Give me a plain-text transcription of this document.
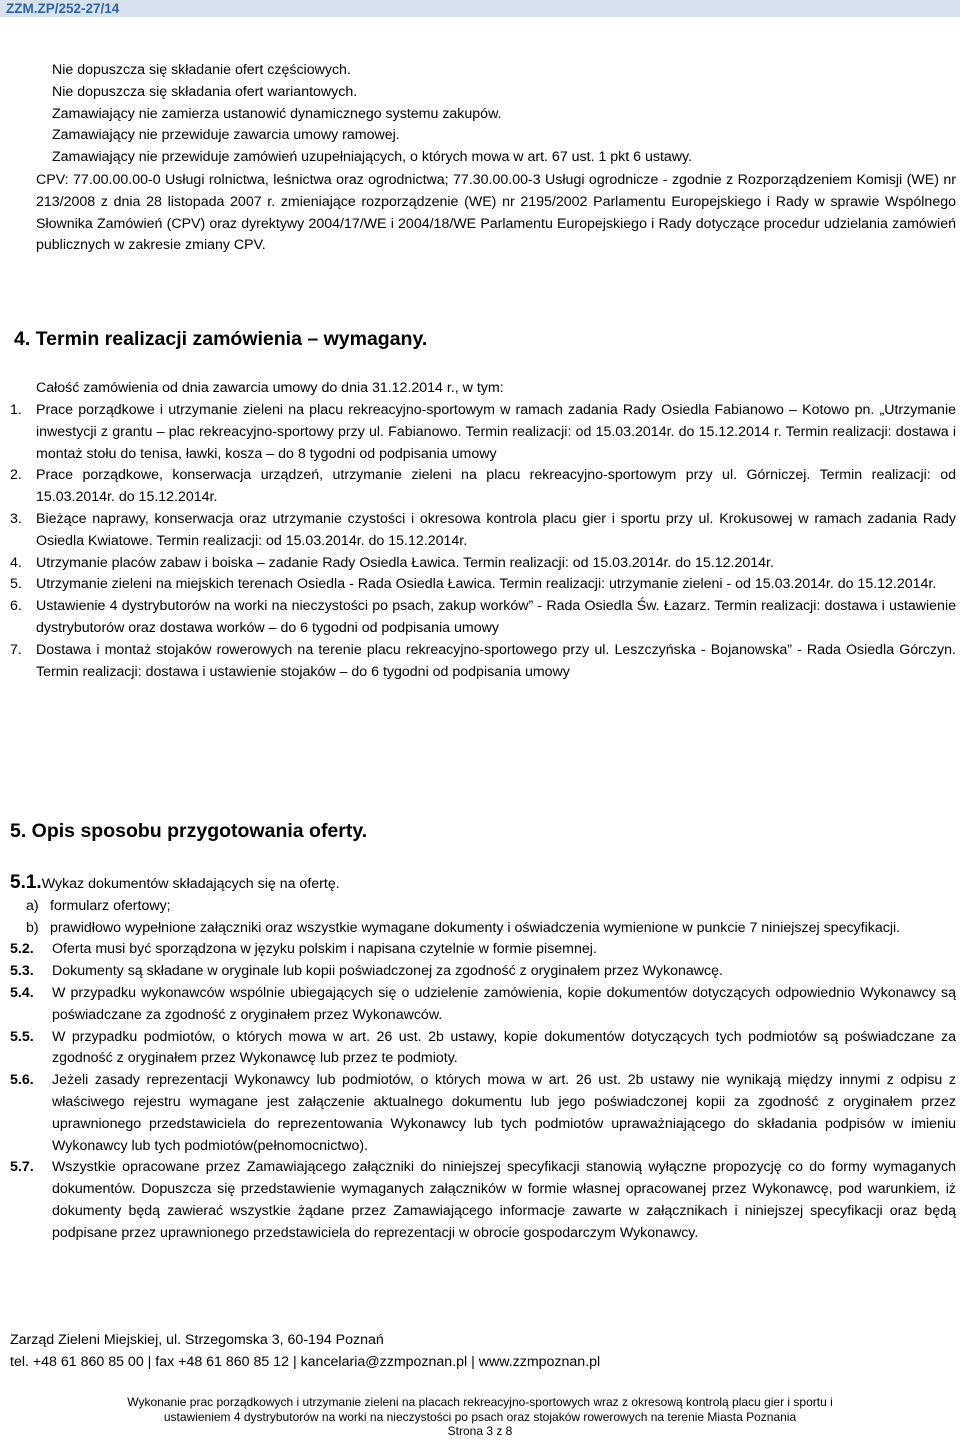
ZZM.ZP/252-27/14

Nie dopuszcza się składanie ofert częściowych.

Nie dopuszcza się składania ofert wariantowych.

Zamawiający nie zamierza ustanowić dynamicznego systemu zakupów.

Zamawiający nie przewiduje zawarcia umowy ramowej.

Zamawiający nie przewiduje zamówień uzupełniających, o których mowa w art. 67 ust. 1 pkt 6 ustawy.

CPV: 77.00.00.00-0 Usługi rolnictwa, leśnictwa oraz ogrodnictwa; 77.30.00.00-3 Usługi ogrodnicze - zgodnie z Rozporządzeniem Komisji (WE) nr 213/2008 z dnia 28 listopada 2007 r. zmieniające rozporządzenie (WE) nr 2195/2002 Parlamentu Europejskiego i Rady w sprawie Wspólnego Słownika Zamówień (CPV) oraz dyrektywy 2004/17/WE i 2004/18/WE Parlamentu Europejskiego i Rady dotyczące procedur udzielania zamówień publicznych w zakresie zmiany CPV.

4. Termin realizacji zamówienia – wymagany.

Całość zamówienia od dnia zawarcia umowy do dnia 31.12.2014 r., w tym:

1. Prace porządkowe i utrzymanie zieleni na placu rekreacyjno-sportowym w ramach zadania Rady Osiedla Fabianowo – Kotowo pn. „Utrzymanie inwestycji z grantu – plac rekreacyjno-sportowy przy ul. Fabianowo. Termin realizacji: od 15.03.2014r. do 15.12.2014 r. Termin realizacji: dostawa i montaż stołu do tenisa, ławki, kosza – do 8 tygodni od podpisania umowy

2. Prace porządkowe, konserwacja urządzeń, utrzymanie zieleni na placu rekreacyjno-sportowym przy ul. Górniczej. Termin realizacji: od 15.03.2014r. do 15.12.2014r.

3. Bieżące naprawy, konserwacja oraz utrzymanie czystości i okresowa kontrola placu gier i sportu przy ul. Krokusowej w ramach zadania Rady Osiedla Kwiatowe. Termin realizacji: od 15.03.2014r. do 15.12.2014r.

4. Utrzymanie placów zabaw i boiska – zadanie Rady Osiedla Ławica. Termin realizacji: od 15.03.2014r. do 15.12.2014r.

5. Utrzymanie zieleni na miejskich terenach Osiedla - Rada Osiedla Ławica. Termin realizacji: utrzymanie zieleni - od 15.03.2014r. do 15.12.2014r.

6. Ustawienie 4 dystrybutorów na worki na nieczystości po psach, zakup worków” - Rada Osiedla Św. Łazarz. Termin realizacji: dostawa i ustawienie dystrybutorów oraz dostawa worków – do 6 tygodni od podpisania umowy

7. Dostawa i montaż stojaków rowerowych na terenie placu rekreacyjno-sportowego przy ul. Leszczyńska - Bojanowska” - Rada Osiedla Górczyn. Termin realizacji: dostawa i ustawienie stojaków – do 6 tygodni od podpisania umowy

5. Opis sposobu przygotowania oferty.

5.1.Wykaz dokumentów składających się na ofertę.

a) formularz ofertowy;

b) prawidłowo wypełnione załączniki oraz wszystkie wymagane dokumenty i oświadczenia wymienione w punkcie 7 niniejszej specyfikacji.

5.2. Oferta musi być sporządzona w języku polskim i napisana czytelnie w formie pisemnej.

5.3. Dokumenty są składane w oryginale lub kopii poświadczonej za zgodność z oryginałem przez Wykonawcę.

5.4. W przypadku wykonawców wspólnie ubiegających się o udzielenie zamówienia, kopie dokumentów dotyczących odpowiednio Wykonawcy są poświadczane za zgodność z oryginałem przez Wykonawców.

5.5. W przypadku podmiotów, o których mowa w art. 26 ust. 2b ustawy, kopie dokumentów dotyczących tych podmiotów są poświadczane za zgodność z oryginałem przez Wykonawcę lub przez te podmioty.

5.6. Jeżeli zasady reprezentacji Wykonawcy lub podmiotów, o których mowa w art. 26 ust. 2b ustawy nie wynikają między innymi z odpisu z właściwego rejestru wymagane jest załączenie aktualnego dokumentu lub jego poświadczonej kopii za zgodność z oryginałem przez uprawnionego przedstawiciela do reprezentowania Wykonawcy lub tych podmiotów upraważniającego do składania podpisów w imieniu Wykonawcy lub tych podmiotów(pełnomocnictwo).

5.7. Wszystkie opracowane przez Zamawiającego załączniki do niniejszej specyfikacji stanowią wyłączne propozycję co do formy wymaganych dokumentów. Dopuszcza się przedstawienie wymaganych załączników w formie własnej opracowanej przez Wykonawcę, pod warunkiem, iż dokumenty będą zawierać wszystkie żądane przez Zamawiającego informacje zawarte w załącznikach i niniejszej specyfikacji oraz będą podpisane przez uprawnionego przedstawiciela do reprezentacji w obrocie gospodarczym Wykonawcy.

Zarząd Zieleni Miejskiej, ul. Strzegomska 3, 60-194 Poznań

tel. +48 61 860 85 00 | fax +48 61 860 85 12 | kancelaria@zzmpoznan.pl | www.zzmpoznan.pl

Wykonanie prac porządkowych i utrzymanie zieleni na placach rekreacyjno-sportowych wraz z okresową kontrolą placu gier i sportu i

ustawieniem 4 dystrybutorów na worki na nieczystości po psach oraz stojaków rowerowych na terenie Miasta Poznania

Strona 3 z 8
